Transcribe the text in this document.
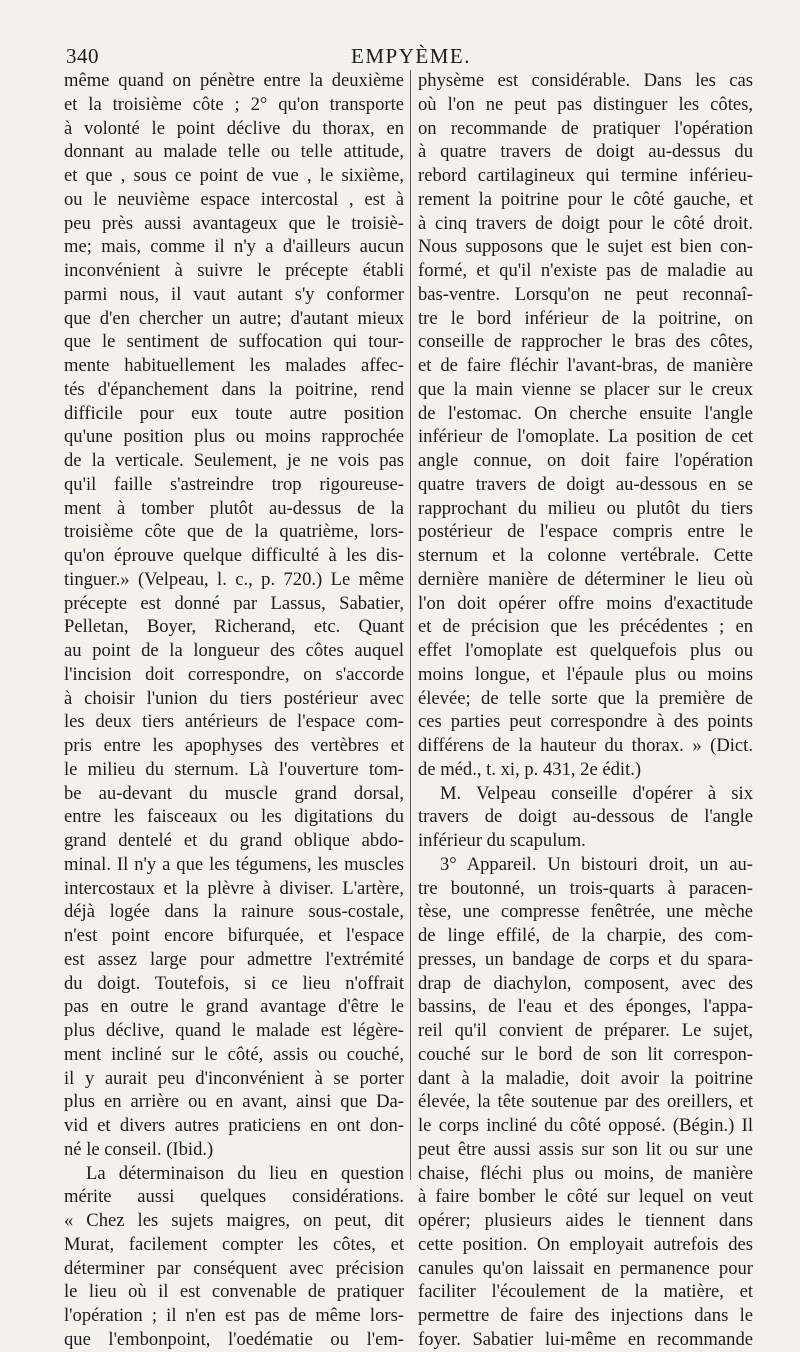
340	EMPYÈME.
même quand on pénètre entre la deuxième
et la troisième côte ; 2° qu'on transporte
à volonté le point déclive du thorax, en
donnant au malade telle ou telle attitude,
et que , sous ce point de vue , le sixième,
ou le neuvième espace intercostal , est à
peu près aussi avantageux que le troisiè-
me; mais, comme il n'y a d'ailleurs aucun
inconvénient à suivre le précepte établi
parmi nous, il vaut autant s'y conformer
que d'en chercher un autre; d'autant mieux
que le sentiment de suffocation qui tour-
mente habituellement les malades affec-
tés d'épanchement dans la poitrine, rend
difficile pour eux toute autre position
qu'une position plus ou moins rapprochée
de la verticale. Seulement, je ne vois pas
qu'il faille s'astreindre trop rigoureuse-
ment à tomber plutôt au-dessus de la
troisième côte que de la quatrième, lors-
qu'on éprouve quelque difficulté à les dis-
tinguer.» (Velpeau, l. c., p. 720.) Le même
précepte est donné par Lassus, Sabatier,
Pelletan, Boyer, Richerand, etc. Quant
au point de la longueur des côtes auquel
l'incision doit correspondre, on s'accorde
à choisir l'union du tiers postérieur avec
les deux tiers antérieurs de l'espace com-
pris entre les apophyses des vertèbres et
le milieu du sternum. Là l'ouverture tom-
be au-devant du muscle grand dorsal,
entre les faisceaux ou les digitations du
grand dentelé et du grand oblique abdo-
minal. Il n'y a que les tégumens, les muscles
intercostaux et la plèvre à diviser. L'artère,
déjà logée dans la rainure sous-costale,
n'est point encore bifurquée, et l'espace
est assez large pour admettre l'extrémité
du doigt. Toutefois, si ce lieu n'offrait
pas en outre le grand avantage d'être le
plus déclive, quand le malade est légère-
ment incliné sur le côté, assis ou couché,
il y aurait peu d'inconvénient à se porter
plus en arrière ou en avant, ainsi que Da-
vid et divers autres praticiens en ont don-
né le conseil. (Ibid.)
La déterminaison du lieu en question
mérite aussi quelques considérations.
« Chez les sujets maigres, on peut, dit
Murat, facilement compter les côtes, et
déterminer par conséquent avec précision
le lieu où il est convenable de pratiquer
l'opération ; il n'en est pas de même lors-
que l'embonpoint, l'oedématie ou l'em-
physème est considérable. Dans les cas
où l'on ne peut pas distinguer les côtes,
on recommande de pratiquer l'opération
à quatre travers de doigt au-dessus du
rebord cartilagineux qui termine inférieu-
rement la poitrine pour le côté gauche, et
à cinq travers de doigt pour le côté droit.
Nous supposons que le sujet est bien con-
formé, et qu'il n'existe pas de maladie au
bas-ventre. Lorsqu'on ne peut reconnaî-
tre le bord inférieur de la poitrine, on
conseille de rapprocher le bras des côtes,
et de faire fléchir l'avant-bras, de manière
que la main vienne se placer sur le creux
de l'estomac. On cherche ensuite l'angle
inférieur de l'omoplate. La position de cet
angle connue, on doit faire l'opération
quatre travers de doigt au-dessous en se
rapprochant du milieu ou plutôt du tiers
postérieur de l'espace compris entre le
sternum et la colonne vertébrale. Cette
dernière manière de déterminer le lieu où
l'on doit opérer offre moins d'exactitude
et de précision que les précédentes ; en
effet l'omoplate est quelquefois plus ou
moins longue, et l'épaule plus ou moins
élevée; de telle sorte que la première de
ces parties peut correspondre à des points
différens de la hauteur du thorax. » (Dict.
de méd., t. xi, p. 431, 2e édit.)
M. Velpeau conseille d'opérer à six
travers de doigt au-dessous de l'angle
inférieur du scapulum.
3° Appareil. Un bistouri droit, un au-
tre boutonné, un trois-quarts à paracen-
tèse, une compresse fenêtrée, une mèche
de linge effilé, de la charpie, des com-
presses, un bandage de corps et du spara-
drap de diachylon, composent, avec des
bassins, de l'eau et des éponges, l'appa-
reil qu'il convient de préparer. Le sujet,
couché sur le bord de son lit correspon-
dant à la maladie, doit avoir la poitrine
élevée, la tête soutenue par des oreillers, et
le corps incliné du côté opposé. (Bégin.) Il
peut être aussi assis sur son lit ou sur une
chaise, fléchi plus ou moins, de manière
à faire bomber le côté sur lequel on veut
opérer; plusieurs aides le tiennent dans
cette position. On employait autrefois des
canules qu'on laissait en permanence pour
faciliter l'écoulement de la matière, et
permettre de faire des injections dans le
foyer. Sabatier lui-même en recommande
